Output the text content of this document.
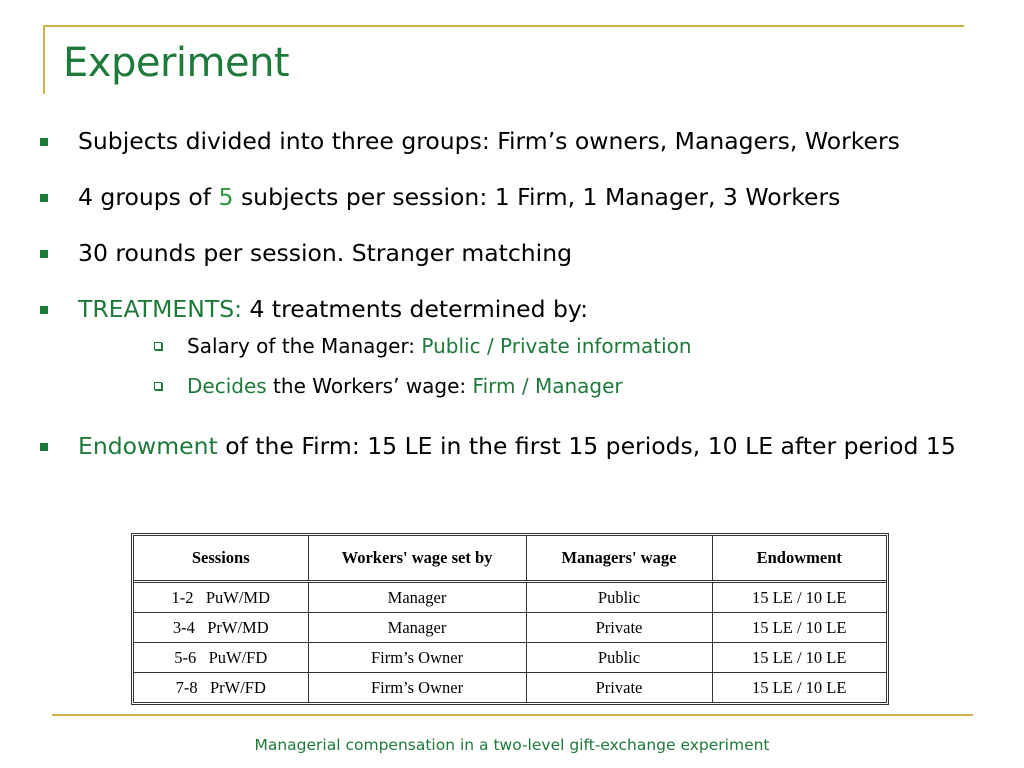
Experiment
Subjects divided into three groups: Firm’s owners, Managers, Workers
4 groups of 5 subjects per session: 1 Firm, 1 Manager, 3 Workers
30 rounds per session. Stranger matching
TREATMENTS: 4 treatments determined by:
Salary of the Manager: Public / Private information
Decides the Workers’ wage: Firm / Manager
Endowment of the Firm: 15 LE in the first 15 periods, 10 LE after period 15
Sessions	Workers' wage set by	Managers' wage	Endowment
1-2   PuW/MD	Manager	Public	15 LE / 10 LE
3-4   PrW/MD	Manager	Private	15 LE / 10 LE
5-6   PuW/FD	Firm’s Owner	Public	15 LE / 10 LE
7-8   PrW/FD	Firm’s Owner	Private	15 LE / 10 LE
Managerial compensation in a two-level gift-exchange experiment
